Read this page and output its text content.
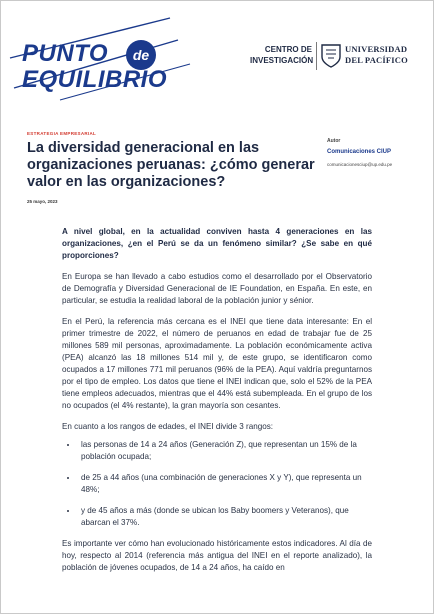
PUNTO	de
EQUILIBRIO
CENTRO DE
INVESTIGACIÓN
UNIVERSIDAD
DEL PACÍFICO
ESTRATEGIA EMPRESARIAL
La diversidad generacional en las organizaciones peruanas: ¿cómo generar valor en las organizaciones?
25 mayo, 2023
Autor
Comunicaciones CIUP
comunicacionesciup@up.edu.pe

A nivel global, en la actualidad conviven hasta 4 generaciones en las organizaciones, ¿en el Perú se da un fenómeno similar? ¿Se sabe en qué proporciones?

En Europa se han llevado a cabo estudios como el desarrollado por el Observatorio de Demografía y Diversidad Generacional de IE Foundation, en España. En este, en particular, se estudia la realidad laboral de la población junior y sénior.

En el Perú, la referencia más cercana es el INEI que tiene data interesante: En el primer trimestre de 2022, el número de peruanos en edad de trabajar fue de 25 millones 589 mil personas, aproximadamente. La población económicamente activa (PEA) alcanzó las 18 millones 514 mil y, de este grupo, se identificaron como ocupados a 17 millones 771 mil peruanos (96% de la PEA). Aquí valdría preguntarnos por el tipo de empleo. Los datos que tiene el INEI indican que, solo el 52% de la PEA tiene empleos adecuados, mientras que el 44% está subempleada. En el grupo de los no ocupados (el 4% restante), la gran mayoría son cesantes.

En cuanto a los rangos de edades, el INEI divide 3 rangos:

• las personas de 14 a 24 años (Generación Z), que representan un 15% de la población ocupada;
• de 25 a 44 años (una combinación de generaciones X y Y), que representa un 48%;
• y de 45 años a más (donde se ubican los Baby boomers y Veteranos), que abarcan el 37%.

Es importante ver cómo han evolucionado históricamente estos indicadores. Al día de hoy, respecto al 2014 (referencia más antigua del INEI en el reporte analizado), la población de jóvenes ocupados, de 14 a 24 años, ha caído en
